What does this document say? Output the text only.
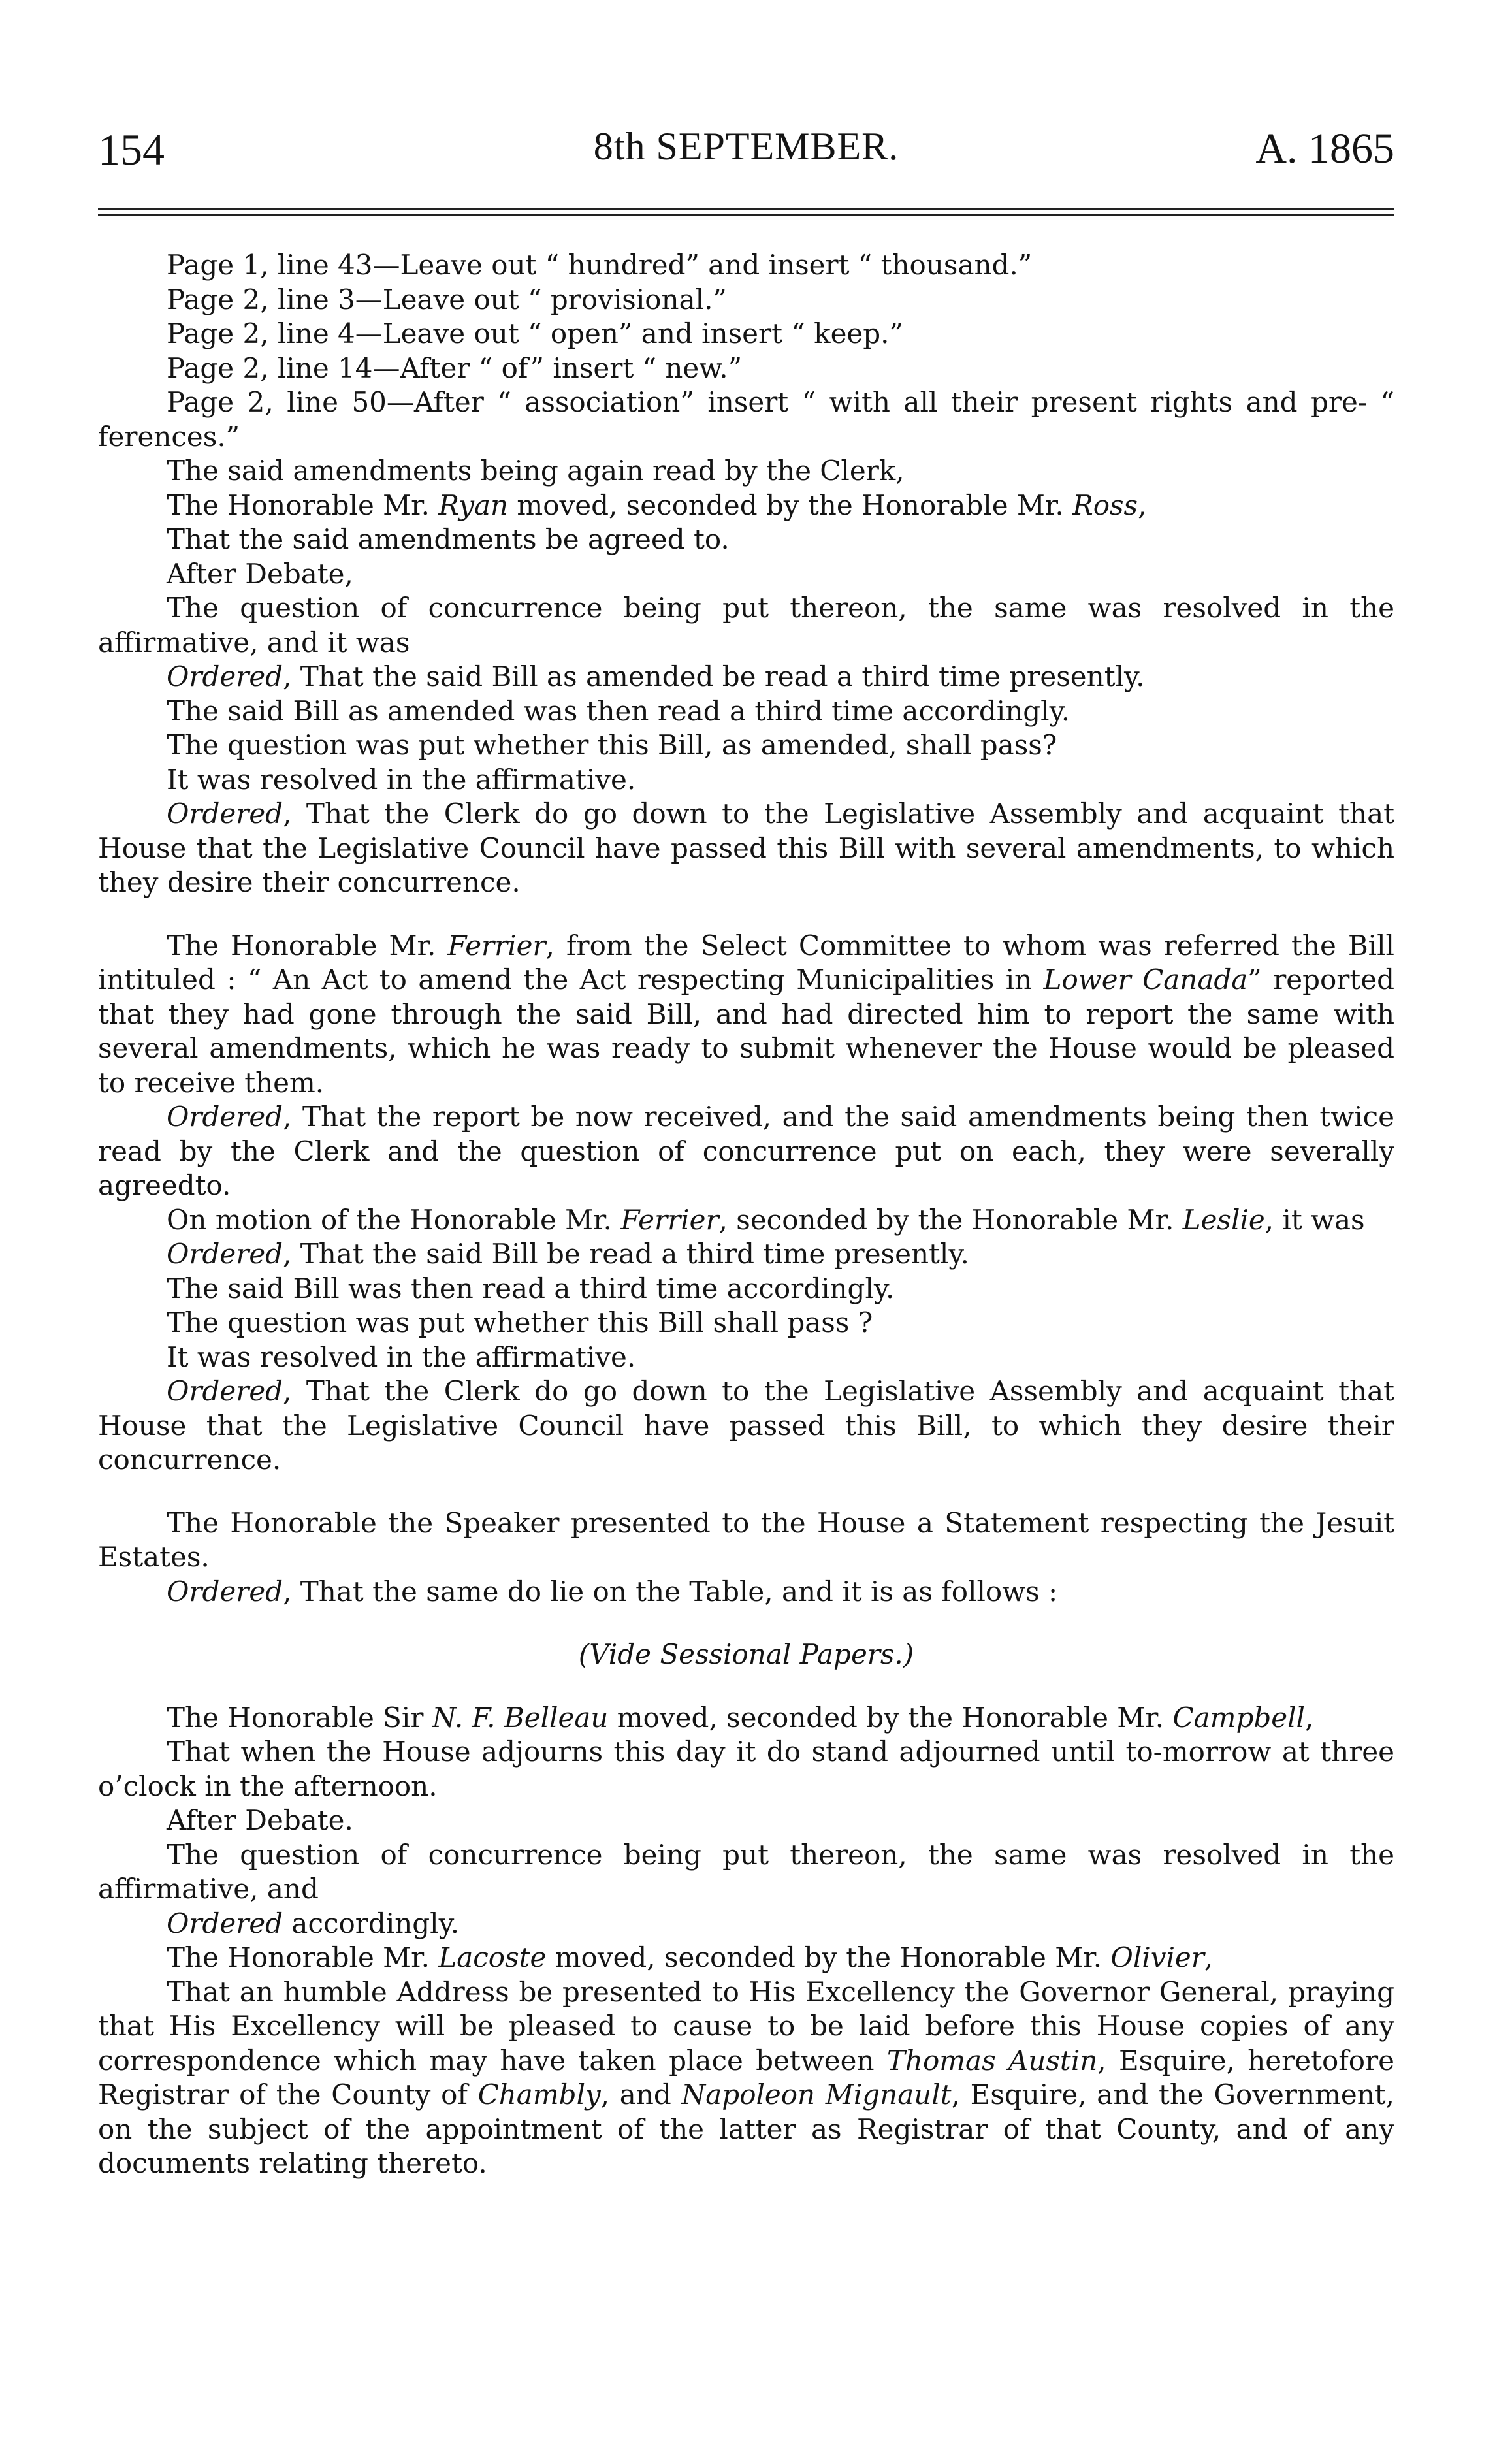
154	8th SEPTEMBER.	A. 1865

Page 1, line 43—Leave out “ hundred” and insert “ thousand.”

Page 2, line 3—Leave out “ provisional.”

Page 2, line 4—Leave out “ open” and insert “ keep.”

Page 2, line 14—After “ of” insert “ new.”

Page 2, line 50—After “ association” insert “ with all their present rights and pre- “ ferences.”

The said amendments being again read by the Clerk,

The Honorable Mr. Ryan moved, seconded by the Honorable Mr. Ross,

That the said amendments be agreed to.

After Debate,

The question of concurrence being put thereon, the same was resolved in the affirmative, and it was

Ordered, That the said Bill as amended be read a third time presently.

The said Bill as amended was then read a third time accordingly.

The question was put whether this Bill, as amended, shall pass?

It was resolved in the affirmative.

Ordered, That the Clerk do go down to the Legislative Assembly and acquaint that House that the Legislative Council have passed this Bill with several amendments, to which they desire their concurrence.

The Honorable Mr. Ferrier, from the Select Committee to whom was referred the Bill intituled : “ An Act to amend the Act respecting Municipalities in Lower Canada” reported that they had gone through the said Bill, and had directed him to report the same with several amendments, which he was ready to submit whenever the House would be pleased to receive them.

Ordered, That the report be now received, and the said amendments being then twice read by the Clerk and the question of concurrence put on each, they were severally agreedto.

On motion of the Honorable Mr. Ferrier, seconded by the Honorable Mr. Leslie, it was

Ordered, That the said Bill be read a third time presently.

The said Bill was then read a third time accordingly.

The question was put whether this Bill shall pass ?

It was resolved in the affirmative.

Ordered, That the Clerk do go down to the Legislative Assembly and acquaint that House that the Legislative Council have passed this Bill, to which they desire their concurrence.

The Honorable the Speaker presented to the House a Statement respecting the Jesuit Estates.

Ordered, That the same do lie on the Table, and it is as follows :

(Vide Sessional Papers.)

The Honorable Sir N. F. Belleau moved, seconded by the Honorable Mr. Campbell,

That when the House adjourns this day it do stand adjourned until to-morrow at three o’clock in the afternoon.

After Debate.

The question of concurrence being put thereon, the same was resolved in the affirmative, and

Ordered accordingly.

The Honorable Mr. Lacoste moved, seconded by the Honorable Mr. Olivier,

That an humble Address be presented to His Excellency the Governor General, praying that His Excellency will be pleased to cause to be laid before this House copies of any correspondence which may have taken place between Thomas Austin, Esquire, heretofore Registrar of the County of Chambly, and Napoleon Mignault, Esquire, and the Government, on the subject of the appointment of the latter as Registrar of that County, and of any documents relating thereto.
